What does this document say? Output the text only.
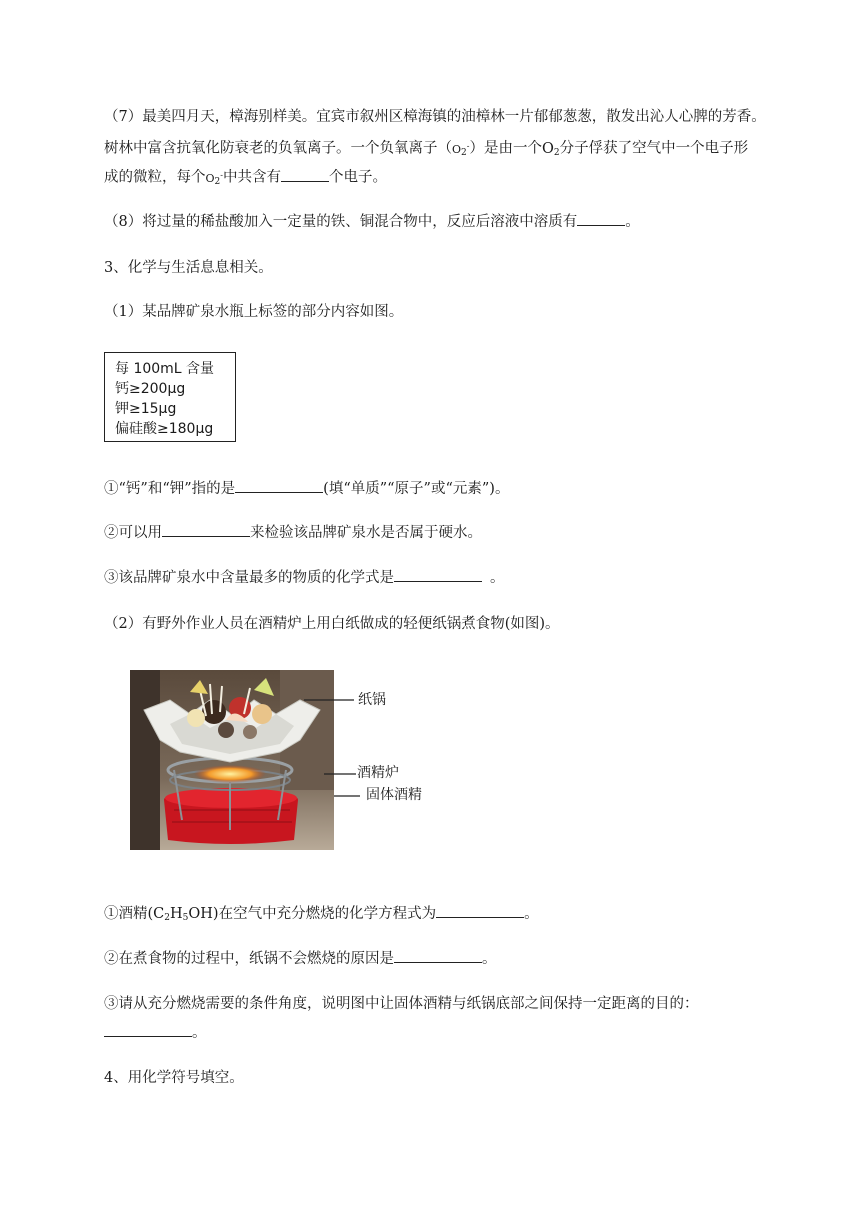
（7）最美四月天，樟海别样美。宜宾市叙州区樟海镇的油樟林一片郁郁葱葱，散发出沁人心脾的芳香。
树林中富含抗氧化防衰老的负氧离子。一个负氧离子$(O_2^-)$是由一个$O_2$分子俘获了空气中一个电子形
成的微粒，每个$O_2^-$中共含有	个电子。
（8）将过量的稀盐酸加入一定量的铁、铜混合物中，反应后溶液中溶质有	。
3、化学与生活息息相关。
（1）某品牌矿泉水瓶上标签的部分内容如图。
每 100mL 含量
钙≥200μg
钾≥15μg
偏硅酸≥180μg
①“钙”和“钾”指的是	(填“单质”“原子”或“元素”)。
②可以用	来检验该品牌矿泉水是否属于硬水。
③该品牌矿泉水中含量最多的物质的化学式是	。
（2）有野外作业人员在酒精炉上用白纸做成的轻便纸锅煮食物(如图)。
纸锅
酒精炉
固体酒精
①酒精$(C_2H_5OH)$在空气中充分燃烧的化学方程式为	。
②在煮食物的过程中，纸锅不会燃烧的原因是	。
③请从充分燃烧需要的条件角度，说明图中让固体酒精与纸锅底部之间保持一定距离的目的：
。
4、用化学符号填空。
